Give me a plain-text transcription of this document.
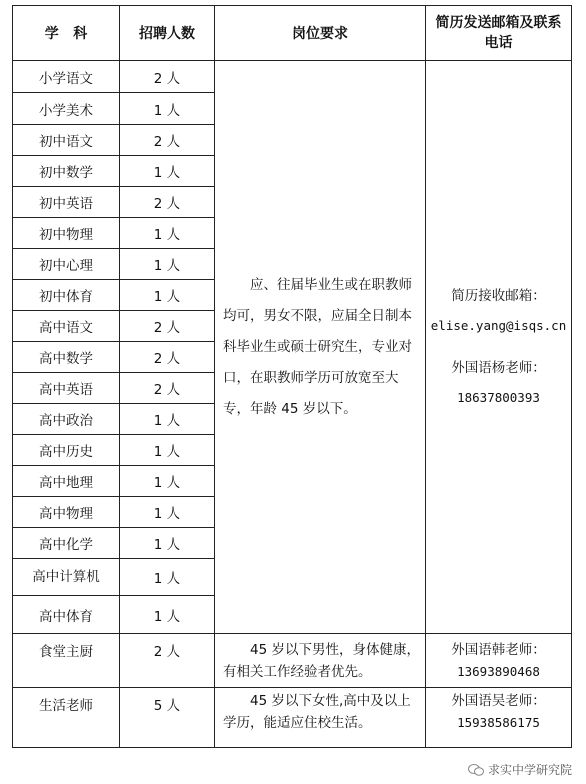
学   科	招聘人数	岗位要求	简历发送邮箱及联系电话
小学语文	2 人	应、往届毕业生或在职教师均可，男女不限，应届全日制本科毕业生或硕士研究生，专业对口，在职教师学历可放宽至大专，年龄 45 岁以下。	简历接收邮箱：
elise.yang@isqs.cn
外国语杨老师：
18637800393

小学美术	1 人		
初中语文	2 人		
初中数学	1 人		
初中英语	2 人		
初中物理	1 人		
初中心理	1 人		
初中体育	1 人		
高中语文	2 人		
高中数学	2 人		
高中英语	2 人		
高中政治	1 人		
高中历史	1 人		
高中地理	1 人		
高中物理	1 人		
高中化学	1 人		
高中计算机	1 人		
高中体育	1 人		
食堂主厨	2 人	45 岁以下男性，身体健康，有相关工作经验者优先。	外国语韩老师：
13693890468

生活老师	5 人	45 岁以下女性,高中及以上学历，能适应住校生活。	外国语吴老师：
15938586175
求实中学研究院
